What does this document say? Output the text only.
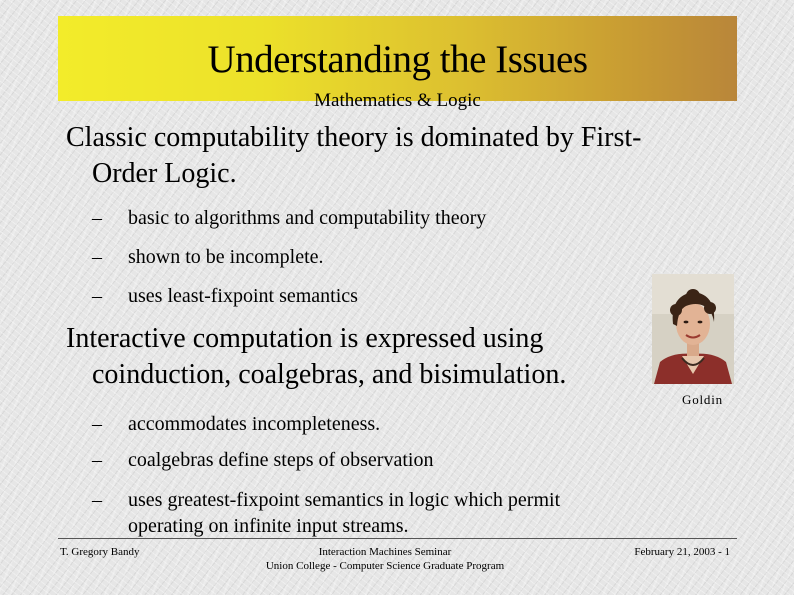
Understanding the Issues
Mathematics & Logic
Classic computability theory is dominated by First-
Order Logic.
–	basic to algorithms and computability theory
–	shown to be incomplete.
–	uses least-fixpoint semantics
Interactive computation is expressed using
coinduction, coalgebras, and bisimulation.
–	accommodates incompleteness.
–	coalgebras define steps of observation
–	uses greatest-fixpoint semantics in logic which permit
operating on infinite input streams.
Goldin
T. Gregory Bandy	Interaction Machines Seminar
Union College - Computer Science Graduate Program
February 21, 2003 - 1
